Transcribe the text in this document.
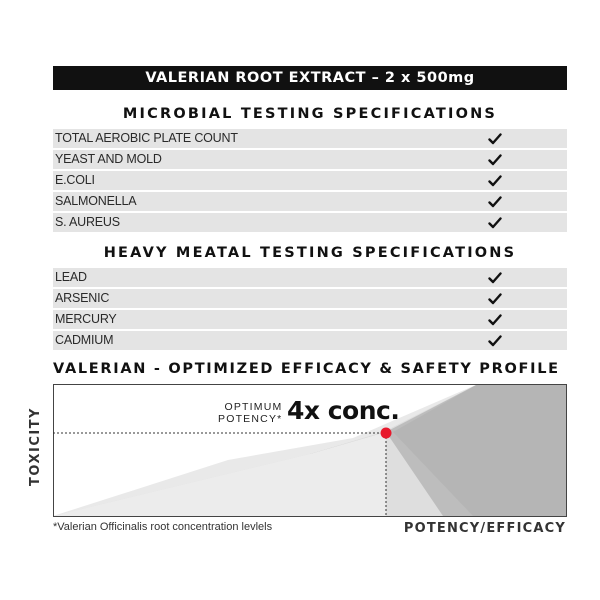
VALERIAN ROOT EXTRACT – 2 x 500mg
MICROBIAL TESTING SPECIFICATIONS
TOTAL AEROBIC PLATE COUNT
YEAST AND MOLD
E.COLI
SALMONELLA
S. AUREUS
HEAVY MEATAL TESTING SPECIFICATIONS
LEAD
ARSENIC
MERCURY
CADMIUM
VALERIAN - OPTIMIZED EFFICACY & SAFETY PROFILE
OPTIMUM
POTENCY* 4x conc.
TOXICITY
*Valerian Officinalis root concentration levlels	POTENCY/EFFICACY
